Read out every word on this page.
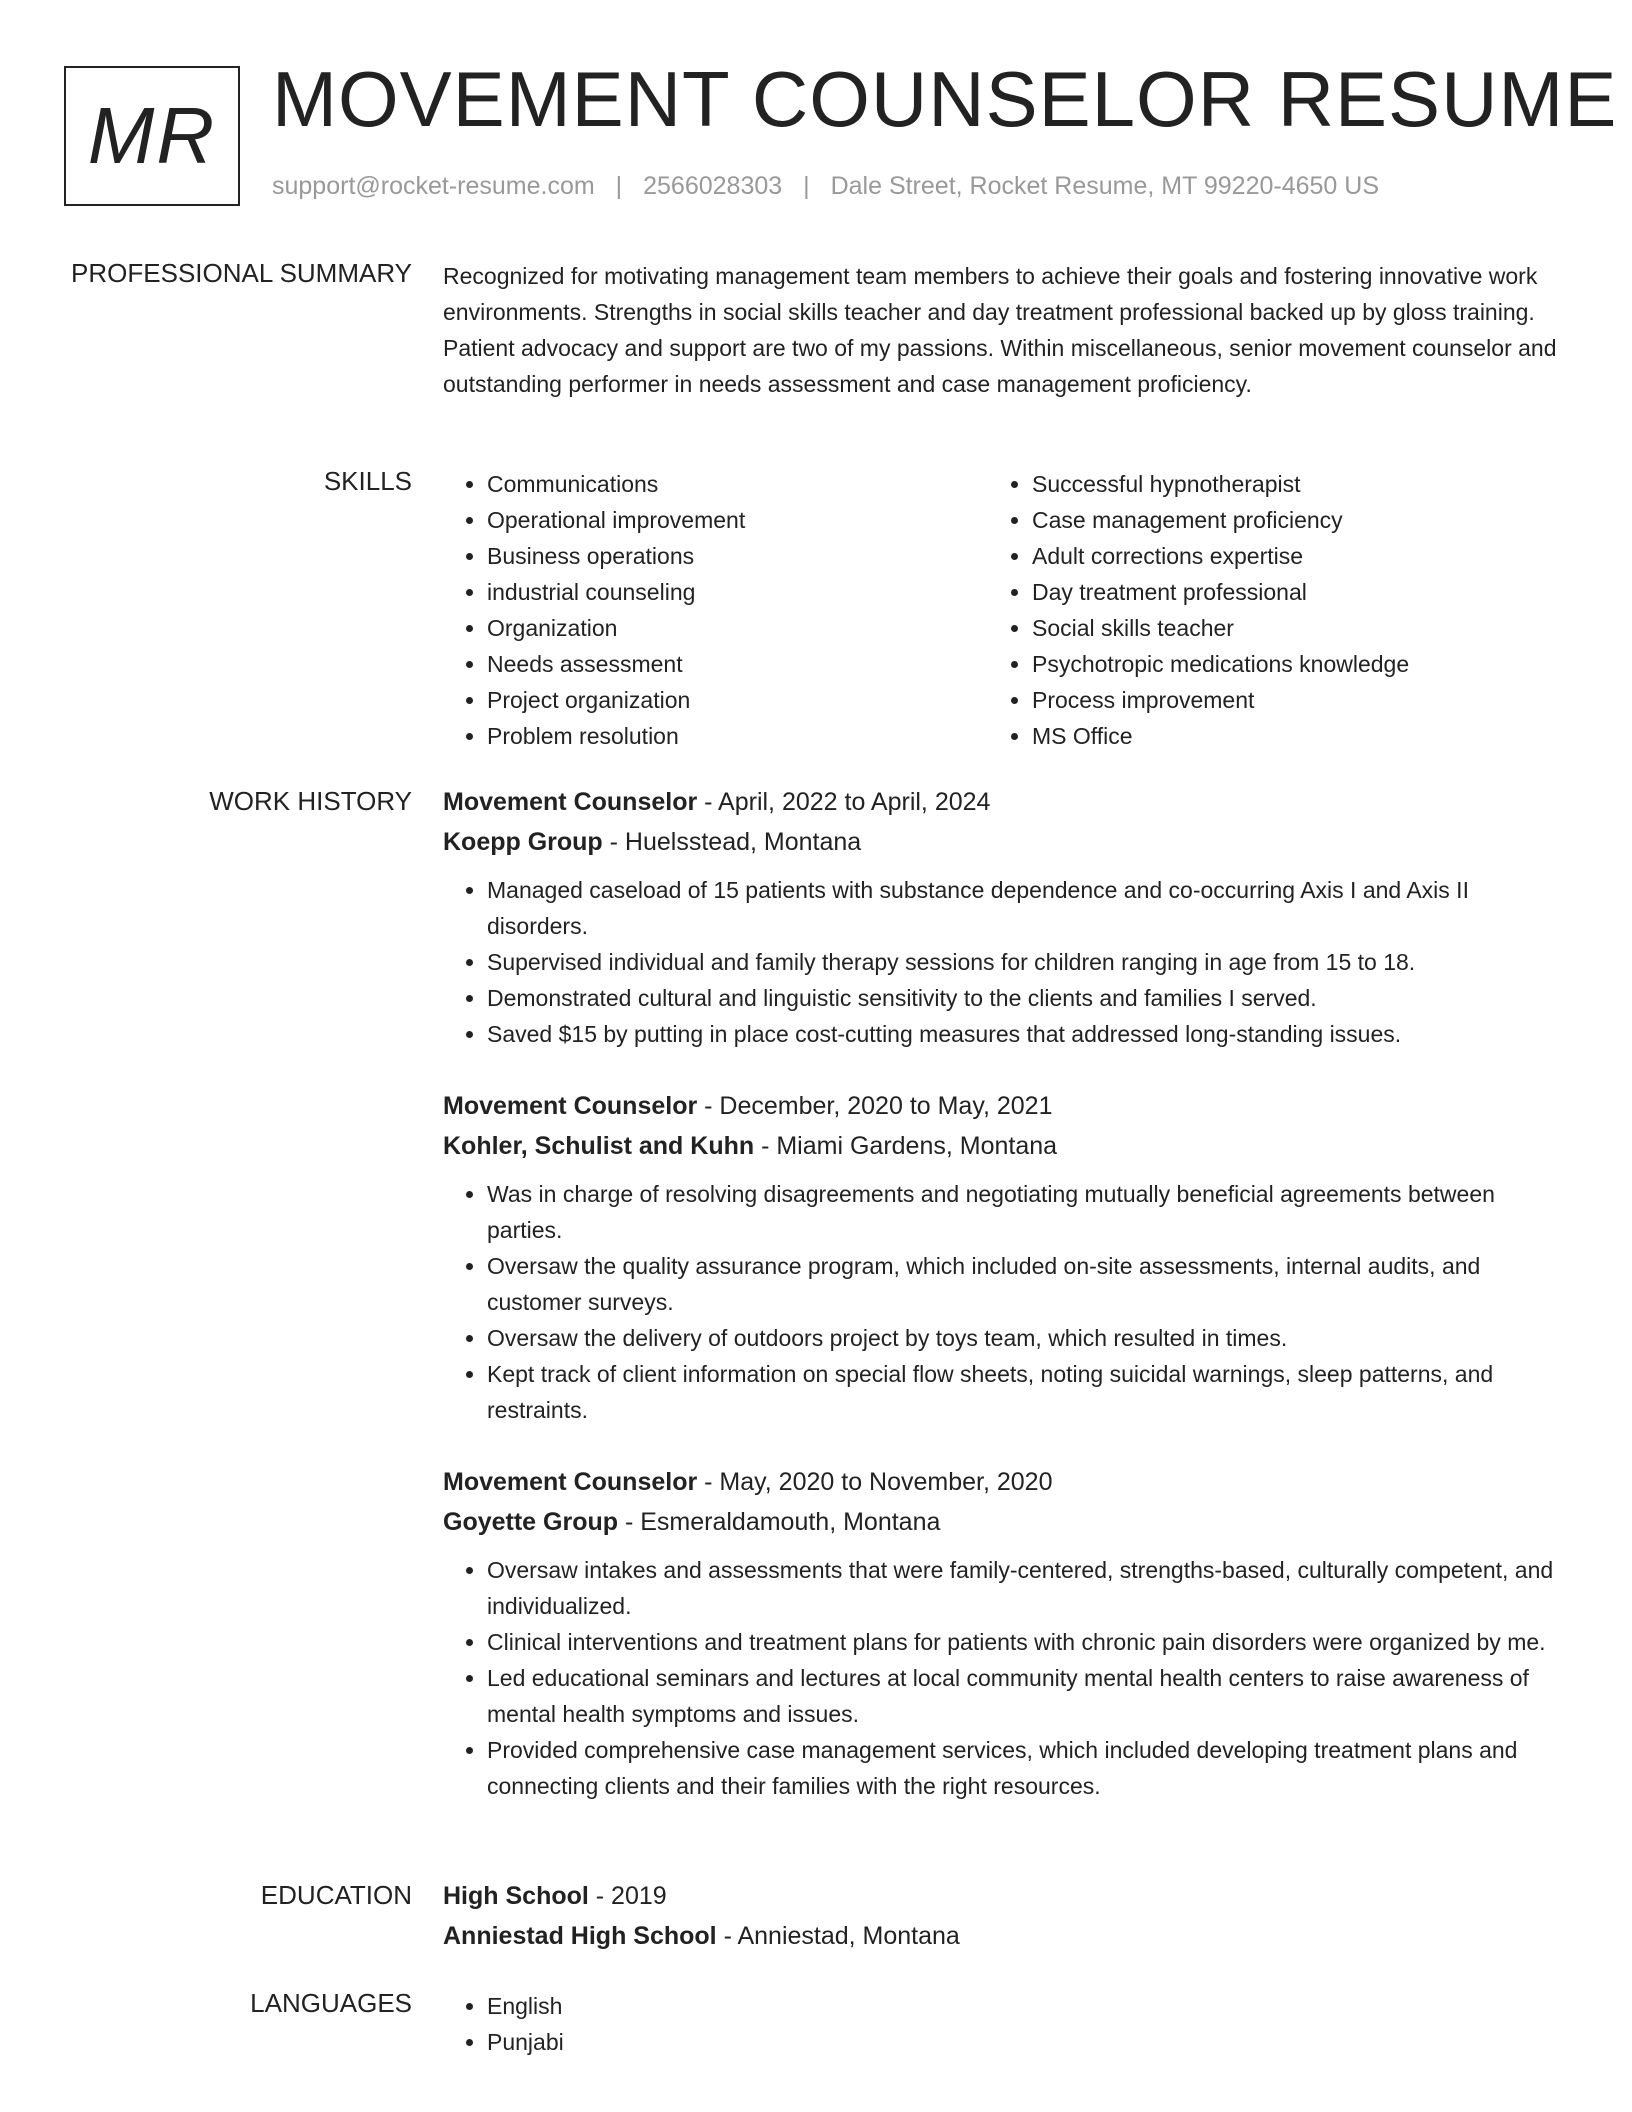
MR MOVEMENT COUNSELOR RESUME
support@rocket-resume.com | 2566028303 | Dale Street, Rocket Resume, MT 99220-4650 US
PROFESSIONAL SUMMARY Recognized for motivating management team members to achieve their goals and fostering innovative work environments. Strengths in social skills teacher and day treatment professional backed up by gloss training. Patient advocacy and support are two of my passions. Within miscellaneous, senior movement counselor and outstanding performer in needs assessment and case management proficiency.

SKILLS	• Communications
• Operational improvement
• Business operations
• industrial counseling
• Organization
• Needs assessment
• Project organization
• Problem resolution
• Successful hypnotherapist
• Case management proficiency
• Adult corrections expertise
• Day treatment professional
• Social skills teacher
• Psychotropic medications knowledge
• Process improvement
• MS Office
WORK HISTORY Movement Counselor - April, 2022 to April, 2024
Koepp Group - Huelsstead, Montana
• Managed caseload of 15 patients with substance dependence and co-occurring Axis I and Axis II disorders.
• Supervised individual and family therapy sessions for children ranging in age from 15 to 18.
• Demonstrated cultural and linguistic sensitivity to the clients and families I served.
• Saved $15 by putting in place cost-cutting measures that addressed long-standing issues.
Movement Counselor - December, 2020 to May, 2021
Kohler, Schulist and Kuhn - Miami Gardens, Montana
• Was in charge of resolving disagreements and negotiating mutually beneficial agreements between parties.
• Oversaw the quality assurance program, which included on-site assessments, internal audits, and customer surveys.
• Oversaw the delivery of outdoors project by toys team, which resulted in times.
• Kept track of client information on special flow sheets, noting suicidal warnings, sleep patterns, and restraints.
Movement Counselor - May, 2020 to November, 2020
Goyette Group - Esmeraldamouth, Montana
• Oversaw intakes and assessments that were family-centered, strengths-based, culturally competent, and individualized.
• Clinical interventions and treatment plans for patients with chronic pain disorders were organized by me.
• Led educational seminars and lectures at local community mental health centers to raise awareness of mental health symptoms and issues.
• Provided comprehensive case management services, which included developing treatment plans and connecting clients and their families with the right resources.
EDUCATION High School - 2019
Anniestad High School - Anniestad, Montana
LANGUAGES	• English
• Punjabi
